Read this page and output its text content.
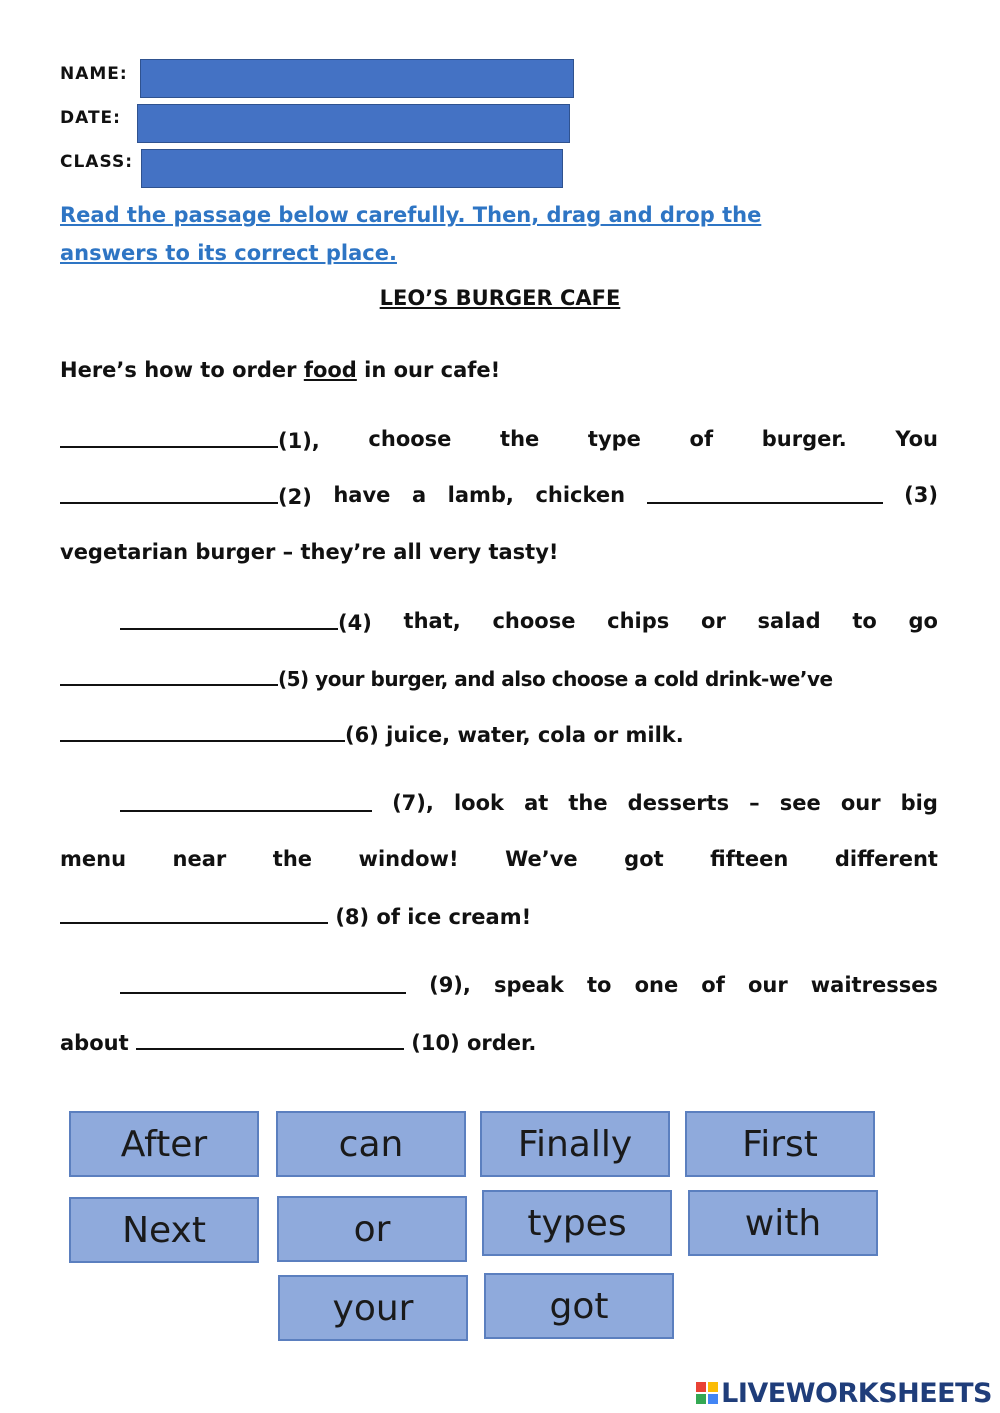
NAME:
DATE:
CLASS:
Read the passage below carefully. Then, drag and drop the answers to its correct place.
LEO’S BURGER CAFE
Here’s how to order food in our cafe!
(1), choose the type of burger. You
(2) have a lamb, chicken	(3)
vegetarian burger – they’re all very tasty!
(4) that, choose chips or salad to go
(5) your burger, and also choose a cold drink-we’ve
(6) juice, water, cola or milk.
(7), look at the desserts – see our big
menu near the window! We’ve got fifteen different
(8) of ice cream!
(9), speak to one of our waitresses
about	(10) order.
After	can	Finally	First
Next	or	types	with
your	got
LIVEWORKSHEETS
